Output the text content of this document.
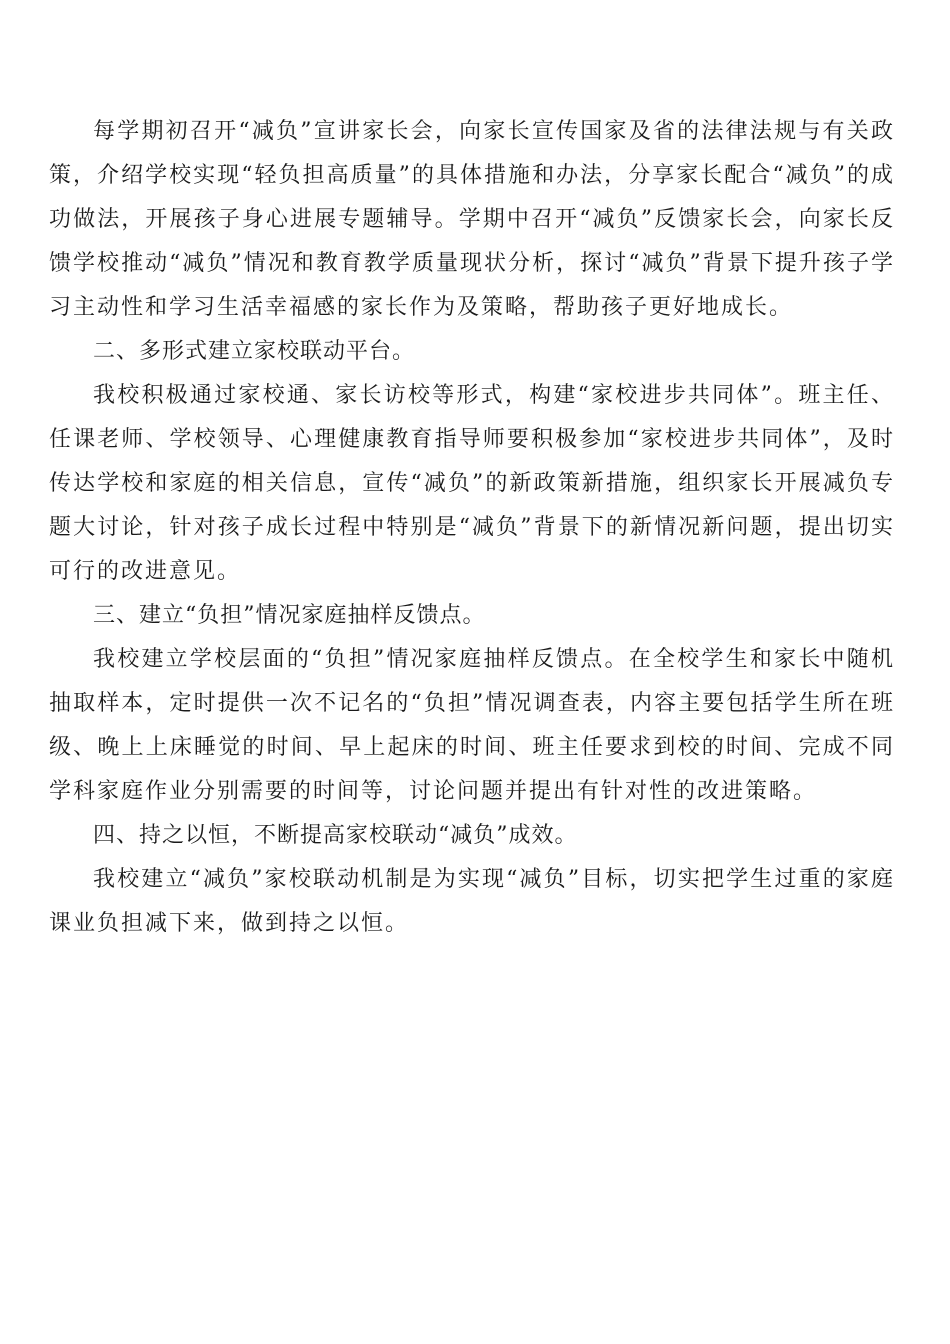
每学期初召开“减负”宣讲家长会，向家长宣传国家及省的法律法规与有关政策，介绍学校实现“轻负担高质量”的具体措施和办法，分享家长配合“减负”的成功做法，开展孩子身心进展专题辅导。学期中召开“减负”反馈家长会，向家长反馈学校推动“减负”情况和教育教学质量现状分析，探讨“减负”背景下提升孩子学习主动性和学习生活幸福感的家长作为及策略，帮助孩子更好地成长。

二、多形式建立家校联动平台。

我校积极通过家校通、家长访校等形式，构建“家校进步共同体”。班主任、任课老师、学校领导、心理健康教育指导师要积极参加“家校进步共同体”，及时传达学校和家庭的相关信息，宣传“减负”的新政策新措施，组织家长开展减负专题大讨论，针对孩子成长过程中特别是“减负”背景下的新情况新问题，提出切实可行的改进意见。

三、建立“负担”情况家庭抽样反馈点。

我校建立学校层面的“负担”情况家庭抽样反馈点。在全校学生和家长中随机抽取样本，定时提供一次不记名的“负担”情况调查表，内容主要包括学生所在班级、晚上上床睡觉的时间、早上起床的时间、班主任要求到校的时间、完成不同学科家庭作业分别需要的时间等，讨论问题并提出有针对性的改进策略。

四、持之以恒，不断提高家校联动“减负”成效。

我校建立“减负”家校联动机制是为实现“减负”目标，切实把学生过重的家庭课业负担减下来，做到持之以恒。
